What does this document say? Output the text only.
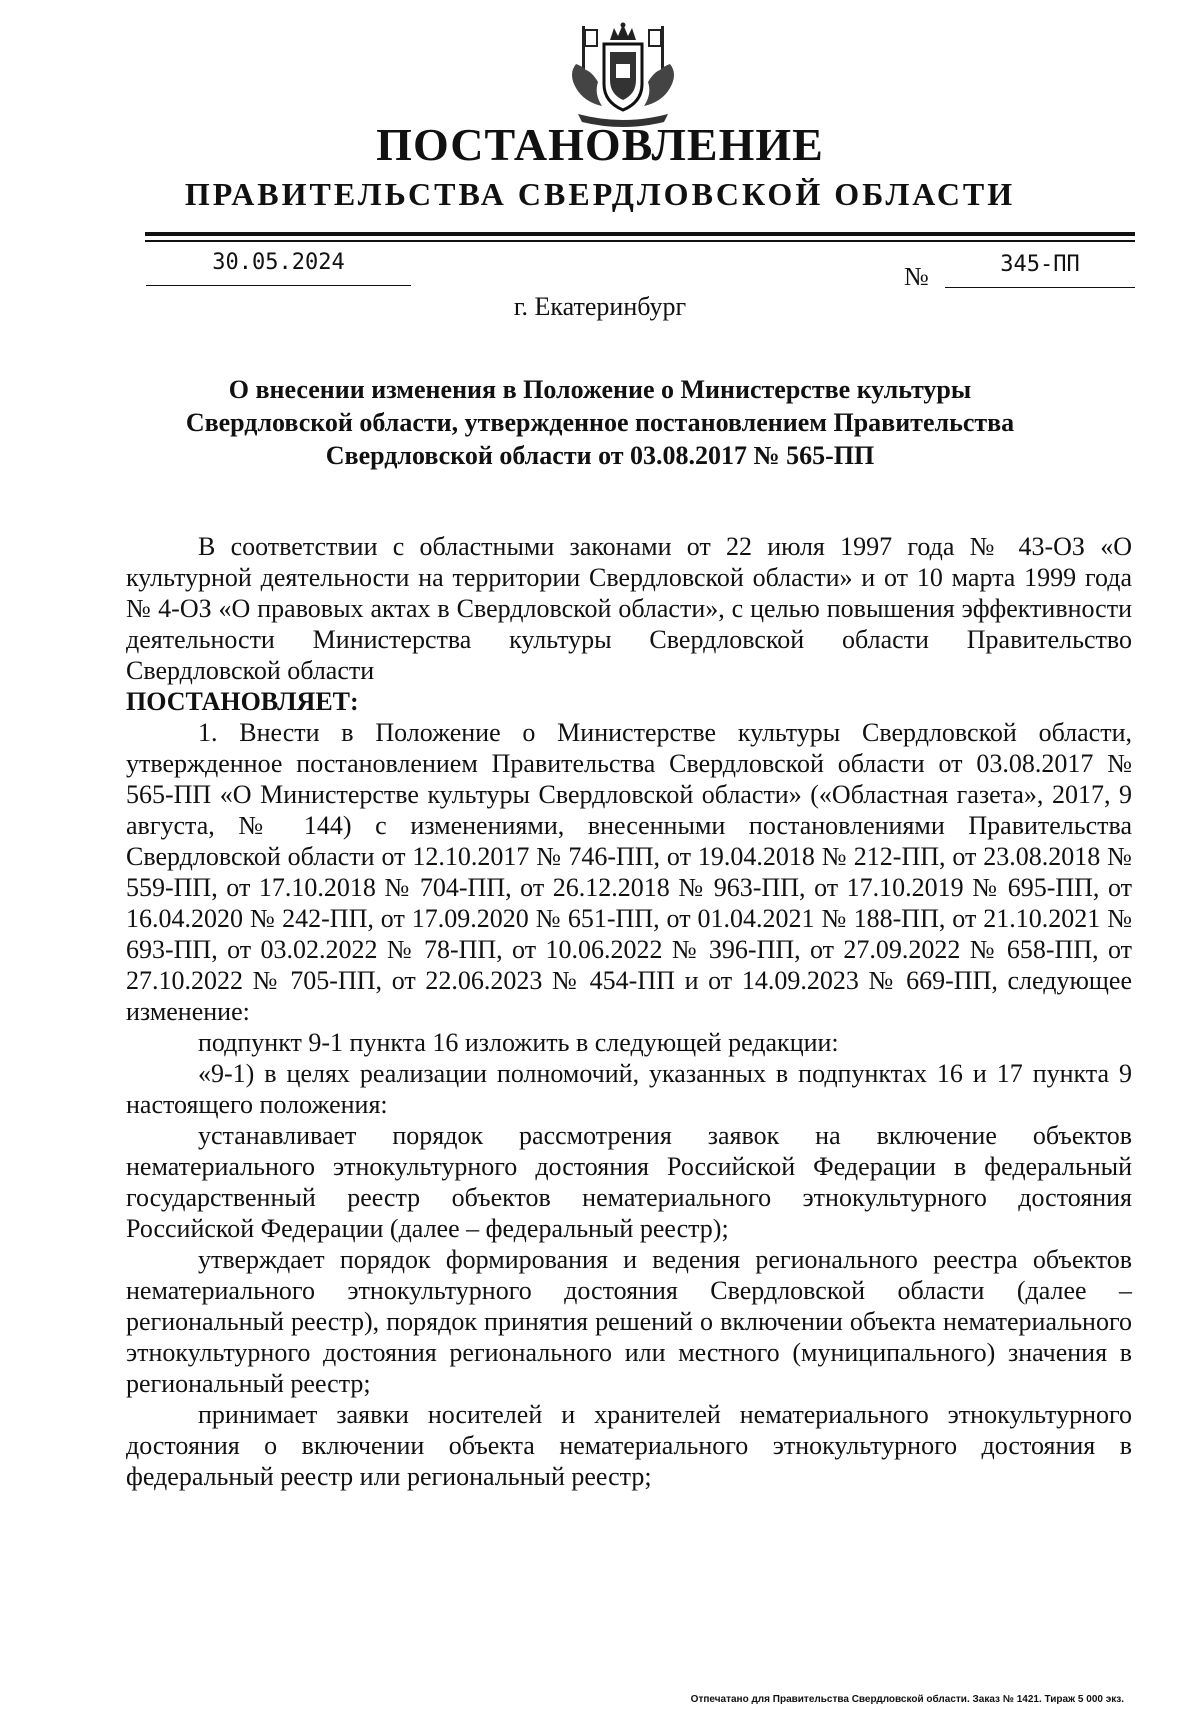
ПОСТАНОВЛЕНИЕ
ПРАВИТЕЛЬСТВА СВЕРДЛОВСКОЙ ОБЛАСТИ
30.05.2024	№	345-ПП
г. Екатеринбург
О внесении изменения в Положение о Министерстве культуры
Свердловской области, утвержденное постановлением Правительства
Свердловской области от 03.08.2017 № 565-ПП

В соответствии с областными законами от 22 июля 1997 года № 43-ОЗ «О культурной деятельности на территории Свердловской области» и от 10 марта 1999 года № 4-ОЗ «О правовых актах в Свердловской области», с целью повышения эффективности деятельности Министерства культуры Свердловской области Правительство Свердловской области

ПОСТАНОВЛЯЕТ:

1. Внести в Положение о Министерстве культуры Свердловской области, утвержденное постановлением Правительства Свердловской области от 03.08.2017 № 565-ПП «О Министерстве культуры Свердловской области» («Областная газета», 2017, 9 августа, № 144) с изменениями, внесенными постановлениями Правительства Свердловской области от 12.10.2017 № 746-ПП, от 19.04.2018 № 212-ПП, от 23.08.2018 № 559-ПП, от 17.10.2018 № 704-ПП, от 26.12.2018 № 963-ПП, от 17.10.2019 № 695-ПП, от 16.04.2020 № 242-ПП, от 17.09.2020 № 651-ПП, от 01.04.2021 № 188-ПП, от 21.10.2021 № 693-ПП, от 03.02.2022 № 78-ПП, от 10.06.2022 № 396-ПП, от 27.09.2022 № 658-ПП, от 27.10.2022 № 705-ПП, от 22.06.2023 № 454-ПП и от 14.09.2023 № 669-ПП, следующее изменение:

подпункт 9-1 пункта 16 изложить в следующей редакции:

«9-1) в целях реализации полномочий, указанных в подпунктах 16 и 17 пункта 9 настоящего положения:

устанавливает порядок рассмотрения заявок на включение объектов нематериального этнокультурного достояния Российской Федерации в федеральный государственный реестр объектов нематериального этнокультурного достояния Российской Федерации (далее – федеральный реестр);

утверждает порядок формирования и ведения регионального реестра объектов нематериального этнокультурного достояния Свердловской области (далее – региональный реестр), порядок принятия решений о включении объекта нематериального этнокультурного достояния регионального или местного (муниципального) значения в региональный реестр;

принимает заявки носителей и хранителей нематериального этнокультурного достояния о включении объекта нематериального этнокультурного достояния в федеральный реестр или региональный реестр;

Отпечатано для Правительства Свердловской области. Заказ № 1421. Тираж 5 000 экз.
